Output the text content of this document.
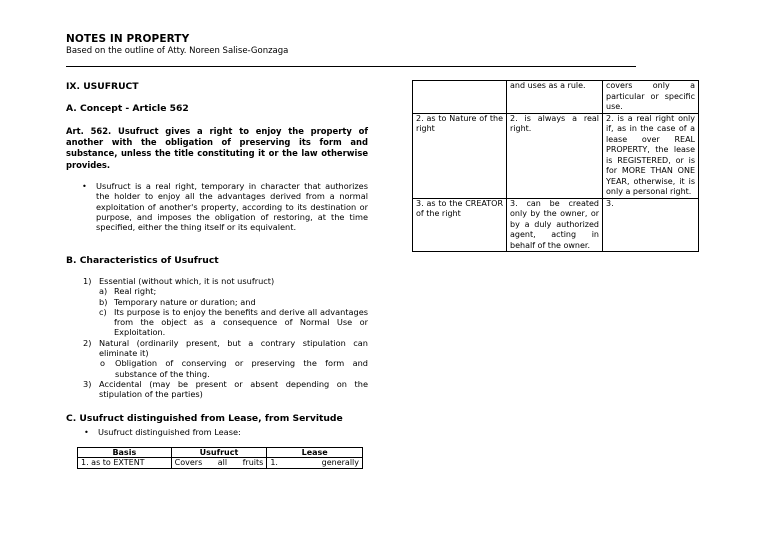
NOTES IN PROPERTY
Based on the outline of Atty. Noreen Salise-Gonzaga
IX. USUFRUCT
A. Concept - Article 562
Art. 562. Usufruct gives a right to enjoy the property of another with the obligation of preserving its form and substance, unless the title constituting it or the law otherwise provides.
• Usufruct is a real right, temporary in character that authorizes the holder to enjoy all the advantages derived from a normal exploitation of another's property, according to its destination or purpose, and imposes the obligation of restoring, at the time specified, either the thing itself or its equivalent.
B. Characteristics of Usufruct
1) Essential (without which, it is not usufruct)
a) Real right;
b) Temporary nature or duration; and
c) Its purpose is to enjoy the benefits and derive all advantages from the object as a consequence of Normal Use or Exploitation.
2) Natural (ordinarily present, but a contrary stipulation can eliminate it)
o Obligation of conserving or preserving the form and substance of the thing.
3) Accidental (may be present or absent depending on the stipulation of the parties)
C. Usufruct distinguished from Lease, from Servitude
• Usufruct distinguished from Lease:
Basis	Usufruct	Lease
1. as to EXTENT	Covers all fruits	1. generally
	and uses as a rule.	covers only a particular or specific use.
2. as to Nature of the right	2. is always a real right.	2. is a real right only if, as in the case of a lease over REAL PROPERTY, the lease is REGISTERED, or is for MORE THAN ONE YEAR, otherwise, it is only a personal right.
3. as to the CREATOR of the right	3. can be created only by the owner, or by a duly authorized agent, acting in behalf of the owner.	3.
